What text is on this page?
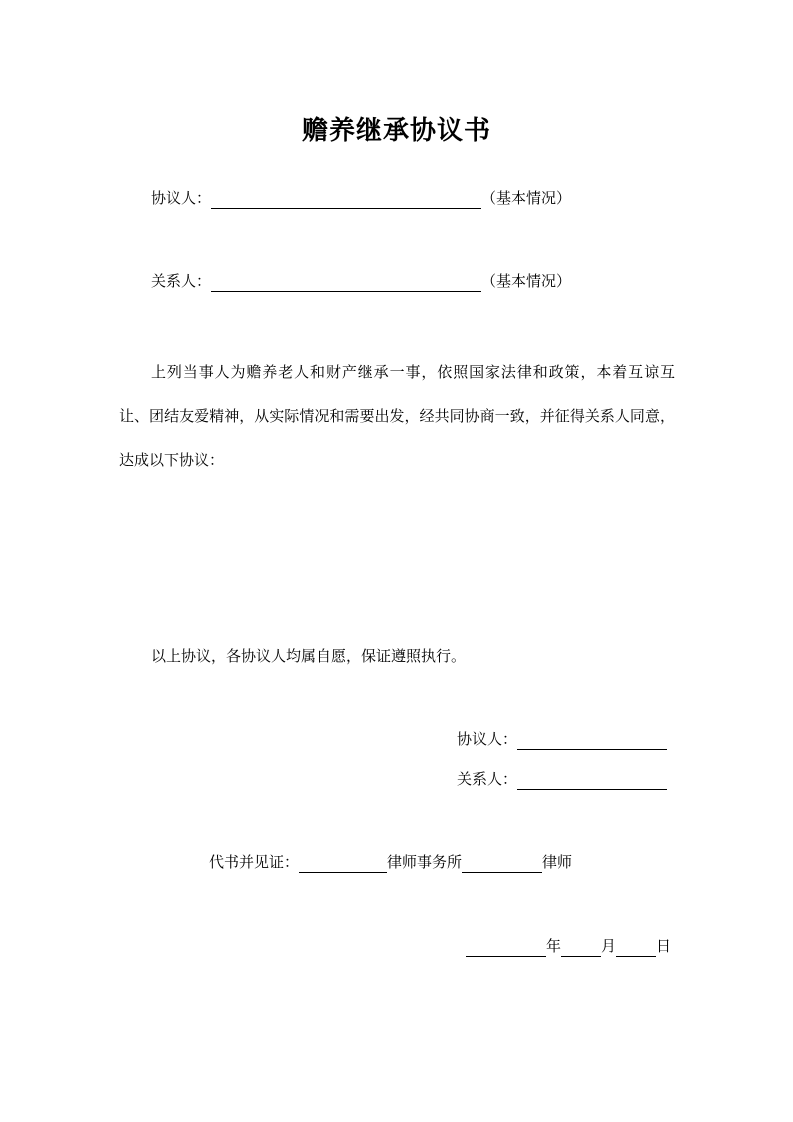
赡养继承协议书
协议人：	（基本情况）
关系人：	（基本情况）
上列当事人为赡养老人和财产继承一事，依照国家法律和政策，本着互谅互让、团结友爱精神，从实际情况和需要出发，经共同协商一致，并征得关系人同意，达成以下协议：
以上协议，各协议人均属自愿，保证遵照执行。
协议人：
关系人：
代书并见证：	律师事务所	律师
年	月	日
